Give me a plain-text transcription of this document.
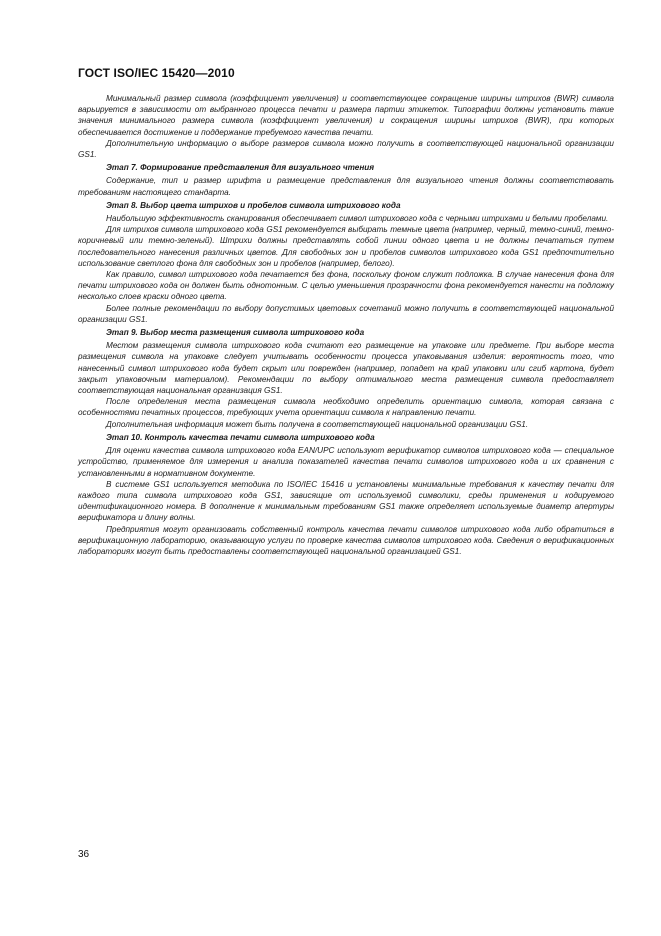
ГОСТ ISO/IEC 15420—2010

Минимальный размер символа (коэффициент увеличения) и соответствующее сокращение ширины штрихов (BWR) символа варьируется в зависимости от выбранного процесса печати и размера партии этикеток. Типографии должны установить такие значения минимального размера символа (коэффициент увеличения) и сокращения ширины штрихов (BWR), при которых обеспечивается достижение и поддержание требуемого качества печати.

Дополнительную информацию о выборе размеров символа можно получить в соответствующей национальной организации GS1.

Этап 7. Формирование представления для визуального чтения

Содержание, тип и размер шрифта и размещение представления для визуального чтения должны соответствовать требованиям настоящего стандарта.

Этап 8. Выбор цвета штрихов и пробелов символа штрихового кода

Наибольшую эффективность сканирования обеспечивает символ штрихового кода с черными штрихами и белыми пробелами.

Для штрихов символа штрихового кода GS1 рекомендуется выбирать темные цвета (например, черный, темно-синий, темно-коричневый или темно-зеленый). Штрихи должны представлять собой линии одного цвета и не должны печататься путем последовательного нанесения различных цветов. Для свободных зон и пробелов символов штрихового кода GS1 предпочтительно использование светлого фона для свободных зон и пробелов (например, белого).

Как правило, символ штрихового кода печатается без фона, поскольку фоном служит подложка. В случае нанесения фона для печати штрихового кода он должен быть однотонным. С целью уменьшения прозрачности фона рекомендуется нанести на подложку несколько слоев краски одного цвета.

Более полные рекомендации по выбору допустимых цветовых сочетаний можно получить в соответствующей национальной организации GS1.

Этап 9. Выбор места размещения символа штрихового кода

Местом размещения символа штрихового кода считают его размещение на упаковке или предмете. При выборе места размещения символа на упаковке следует учитывать особенности процесса упаковывания изделия: вероятность того, что нанесенный символ штрихового кода будет скрыт или поврежден (например, попадет на край упаковки или сгиб картона, будет закрыт упаковочным материалом). Рекомендации по выбору оптимального места размещения символа предоставляет соответствующая национальная организация GS1.

После определения места размещения символа необходимо определить ориентацию символа, которая связана с особенностями печатных процессов, требующих учета ориентации символа к направлению печати.

Дополнительная информация может быть получена в соответствующей национальной организации GS1.

Этап 10. Контроль качества печати символа штрихового кода

Для оценки качества символа штрихового кода EAN/UPC используют верификатор символов штрихового кода — специальное устройство, применяемое для измерения и анализа показателей качества печати символов штрихового кода и их сравнения с установленными в нормативном документе.

В системе GS1 используется методика по ISO/IEC 15416 и установлены минимальные требования к качеству печати для каждого типа символа штрихового кода GS1, зависящие от используемой символики, среды применения и кодируемого идентификационного номера. В дополнение к минимальным требованиям GS1 также определяет используемые диаметр апертуры верификатора и длину волны.

Предприятия могут организовать собственный контроль качества печати символов штрихового кода либо обратиться в верификационную лабораторию, оказывающую услуги по проверке качества символов штрихового кода. Сведения о верификационных лабораториях могут быть предоставлены соответствующей национальной организацией GS1.

36
